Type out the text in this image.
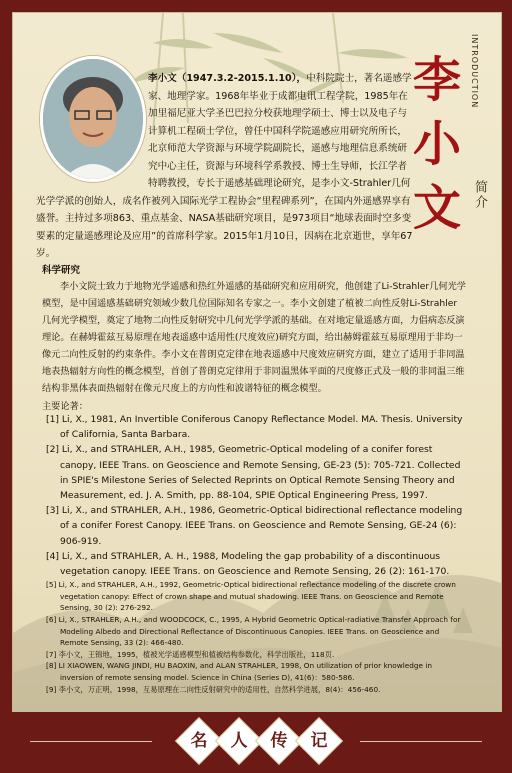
INTRODUCTION
李
小
文 简介
李小文（1947.3.2-2015.1.10），中科院院士，著名遥感学家、地理学家。1968年毕业于成都电讯工程学院，1985年在加里福尼亚大学圣巴巴拉分校获地理学硕士、博士以及电子与计算机工程硕士学位，曾任中国科学院遥感应用研究所所长，北京师范大学资源与环境学院副院长，遥感与地理信息系统研究中心主任，资源与环境科学系教授、博士生导师，长江学者特聘教授，专长于遥感基础理论研究，是李小文-Strahler几何光学学派的创始人，成名作被列入国际光学工程协会“里程碑系列”，在国内外遥感界享有盛誉。主持过多项863、重点基金、NASA基础研究项目，是973项目“地球表面时空多变要素的定量遥感理论及应用”的首席科学家。2015年1月10日，因病在北京逝世，享年67岁。
科学研究
李小文院士致力于地物光学遥感和热红外遥感的基础研究和应用研究，他创建了Li-Strahler几何光学模型，是中国遥感基础研究领域少数几位国际知名专家之一。李小文创建了植被二向性反射Li-Strahler几何光学模型，奠定了地物二向性反射研究中几何光学学派的基础。在对地定量遥感方面，力倡病态反演理论。在赫姆霍兹互易原理在地表遥感中适用性(尺度效应)研究方面，给出赫姆霍兹互易原理用于非均一像元二向性反射的约束条件。李小文在普朗克定律在地表遥感中尺度效应研究方面，建立了适用于非同温地表热辐射方向性的概念模型，首创了普朗克定律用于非同温黑体平面的尺度修正式及一般的非同温三维结构非黑体表面热辐射在像元尺度上的方向性和波谱特征的概念模型。
主要论著：
[1] Li, X., 1981, An Invertible Coniferous Canopy Reflectance Model. MA. Thesis. University of California, Santa Barbara.
[2] Li, X., and STRAHLER, A.H., 1985, Geometric-Optical modeling of a conifer forest canopy, IEEE Trans. on Geoscience and Remote Sensing, GE-23 (5): 705-721. Collected in SPIE's Milestone Series of Selected Reprints on Optical Remote Sensing Theory and Measurement, ed. J. A. Smith, pp. 88-104, SPIE Optical Engineering Press, 1997.
[3] Li, X., and STRAHLER, A.H., 1986, Geometric-Optical bidirectional reflectance modeling of a conifer Forest Canopy. IEEE Trans. on Geoscience and Remote Sensing, GE-24 (6): 906-919.
[4] Li, X., and STRAHLER, A. H., 1988, Modeling the gap probability of a discontinuous vegetation canopy. IEEE Trans. on Geoscience and Remote Sensing, 26 (2): 161-170.
[5] Li, X., and STRAHLER, A.H., 1992, Geometric-Optical bidirectional reflectance modeling of the discrete crown vegetation canopy: Effect of crown shape and mutual shadowing. IEEE Trans. on Geoscience and Remote Sensing, 30 (2): 276-292.
[6] Li, X., STRAHLER, A.H., and WOODCOCK, C., 1995, A Hybrid Geometric Optical-radiative Transfer Approach for Modeling Albedo and Directional Reflectance of Discontinuous Canopies. IEEE Trans. on Geoscience and Remote Sensing, 33 (2): 466-480.
[7] 李小文，王锦地，1995，植被光学遥感模型和植被结构参数化，科学出版社，118页.
[8] LI XIAOWEN, WANG JINDI, HU BAOXIN, and ALAN STRAHLER, 1998, On utilization of prior knowledge in inversion of remote sensing model. Science in China (Series D), 41(6)：580-586.
[9] 李小文，万正明，1998，互易原理在二向性反射研究中的适用性，自然科学进展，8(4)：456-460.
名	人	传	记
